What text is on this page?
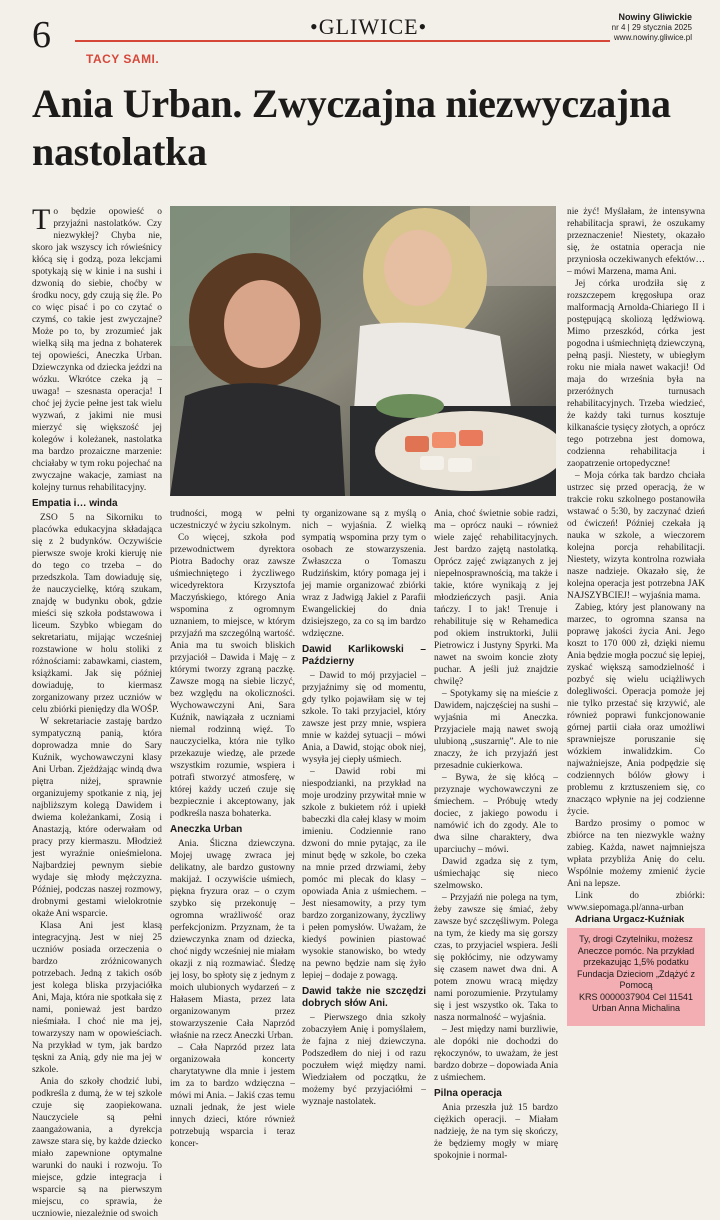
6	•GLIWICE•	Nowiny Gliwickie
nr 4 | 29 stycznia 2025
www.nowiny.gliwice.pl
TACY SAMI.
Ania Urban. Zwyczajna niezwyczajna nastolatka

To będzie opowieść o przyjaźni nastolatków. Czy niezwykłej? Chyba nie, skoro jak wszyscy ich rówieśnicy kłócą się i godzą, poza lekcjami spotykają się w kinie i na sushi i dzwonią do siebie, choćby w środku nocy, gdy czują się źle. Po co więc pisać i po co czytać o czymś, co takie jest zwyczajne? Może po to, by zrozumieć jak wielką siłą ma jedna z bohaterek tej opowieści, Aneczka Urban. Dziewczynka od dziecka jeździ na wózku. Wkrótce czeka ją – uwaga! – szesnasta operacja! I choć jej życie pełne jest tak wielu wyzwań, z jakimi nie musi mierzyć się większość jej kolegów i koleżanek, nastolatka ma bardzo prozaiczne marzenie: chciałaby w tym roku pojechać na zwyczajne wakacje, zamiast na kolejny turnus rehabilitacyjny.

Empatia i… winda

ZSO 5 na Sikorniku to placówka edukacyjna składająca się z 2 budynków. Oczywiście pierwsze swoje kroki kieruję nie do tego co trzeba – do przedszkola. Tam dowiaduję się, że nauczycielkę, którą szukam, znajdę w budynku obok, gdzie mieści się szkoła podstawowa i liceum. Szybko wbiegam do sekretariatu, mijając wcześniej rozstawione w holu stoliki z różnościami: zabawkami, ciastem, książkami. Jak się później dowiaduję, to kiermasz zorganizowany przez uczniów w celu zbiórki pieniędzy dla WOŚP.

W sekretariacie zastaję bardzo sympatyczną panią, która doprowadza mnie do Sary Kuźnik, wychowawczyni klasy Ani Urban. Zjeżdżając windą dwa piętra niżej, sprawnie organizujemy spotkanie z nią, jej najbliższym kolegą Dawidem i dwiema koleżankami, Zosią i Anastazją, które oderwałam od pracy przy kiermaszu. Młodzież jest wyraźnie onieśmielona. Najbardziej pewnym siebie wydaje się młody mężczyzna. Później, podczas naszej rozmowy, drobnymi gestami wielokrotnie okaże Ani wsparcie.

Klasa Ani jest klasą integracyjną. Jest w niej 25 uczniów posiada orzeczenia o bardzo zróżnicowanych potrzebach. Jedną z takich osób jest kolega bliska przyjaciółka Ani, Maja, która nie spotkała się z nami, ponieważ jest bardzo nieśmiała. I choć nie ma jej, towarzyszy nam w opowieściach. Na przykład w tym, jak bardzo tęskni za Anią, gdy nie ma jej w szkole.

Ania do szkoły chodzić lubi, podkreśla z dumą, że w tej szkole czuje się zaopiekowana. Nauczyciele są pełni zaangażowania, a dyrekcja zawsze stara się, by każde dziecko miało zapewnione optymalne warunki do nauki i rozwoju. To miejsce, gdzie integracja i wsparcie są na pierwszym miejscu, co sprawia, że uczniowie, niezależnie od swoich

trudności, mogą w pełni uczestniczyć w życiu szkolnym.

Co więcej, szkoła pod przewodnictwem dyrektora Piotra Badochy oraz zawsze uśmiechniętego i życzliwego wicedyrektora Krzysztofa Maczyńskiego, którego Ania wspomina z ogromnym uznaniem, to miejsce, w którym przyjaźń ma szczególną wartość. Ania ma tu swoich bliskich przyjaciół – Dawida i Maję – z którymi tworzy zgraną paczkę. Zawsze mogą na siebie liczyć, bez względu na okoliczności. Wychowawczyni Ani, Sara Kuźnik, nawiązała z uczniami niemal rodzinną więź. To nauczycielka, która nie tylko przekazuje wiedzę, ale przede wszystkim rozumie, wspiera i potrafi stworzyć atmosferę, w której każdy uczeń czuje się bezpiecznie i akceptowany, jak podkreśla nasza bohaterka.

Aneczka Urban

Ania. Śliczna dziewczyna. Mojej uwagę zwraca jej delikatny, ale bardzo gustowny makijaż. I oczywiście uśmiech, piękna fryzura oraz – o czym szybko się przekonuję – ogromna wrażliwość oraz perfekcjonizm. Przyznam, że ta dziewczynka znam od dziecka, choć nigdy wcześniej nie miałam okazji z nią rozmawiać. Śledzę jej losy, bo spłoty się z jednym z moich ulubionych wydarzeń – z Hałasem Miasta, przez lata organizowanym przez stowarzyszenie Cała Naprzód właśnie na rzecz Aneczki Urban.

– Cała Naprzód przez lata organizowała koncerty charytatywne dla mnie i jestem im za to bardzo wdzięczna – mówi mi Ania. – Jakiś czas temu uznali jednak, że jest wiele innych dzieci, które również potrzebują wsparcia i teraz koncer-

ty organizowane są z myślą o nich – wyjaśnia. Z wielką sympatią wspomina przy tym o osobach ze stowarzyszenia. Zwłaszcza o Tomaszu Rudzińskim, który pomaga jej i jej mamie organizować zbiórki wraz z Jadwigą Jakiel z Parafii Ewangelickiej do dnia dzisiejszego, za co są im bardzo wdzięczne.

Dawid Karlikowski – Październy

– Dawid to mój przyjaciel – przyjaźnimy się od momentu, gdy tylko pojawiłam się w tej szkole. To taki przyjaciel, który zawsze jest przy mnie, wspiera mnie w każdej sytuacji – mówi Ania, a Dawid, stojąc obok niej, wysyła jej ciepły uśmiech.

– Dawid robi mi niespodzianki, na przykład na moje urodziny przywitał mnie w szkole z bukietem róż i upiekł babeczki dla całej klasy w moim imieniu. Codziennie rano dzwoni do mnie pytając, za ile minut będę w szkole, bo czeka na mnie przed drzwiami, żeby pomóc mi plecak do klasy – opowiada Ania z uśmiechem. – Jest niesamowity, a przy tym bardzo zorganizowany, życzliwy i pełen pomysłów. Uważam, że kiedyś powinien piastować wysokie stanowisko, bo wtedy na pewno będzie nam się żyło lepiej – dodaje z powagą.

Dawid także nie szczędzi dobrych słów Ani.

– Pierwszego dnia szkoły zobaczyłem Anię i pomyślałem, że fajna z niej dziewczyna. Podszedłem do niej i od razu poczułem więź między nami. Wiedziałem od początku, że możemy być przyjaciółmi – wyznaje nastolatek.

Ania, choć świetnie sobie radzi, ma – oprócz nauki – również wiele zajęć rehabilitacyjnych. Jest bardzo zajętą nastolatką. Oprócz zajęć związanych z jej niepełnosprawnością, ma także i takie, które wynikają z jej młodzieńczych pasji. Ania tańczy. I to jak! Trenuje i rehabilituje się w Rehamedica pod okiem instruktorki, Julii Pietrowicz i Justyny Spyrki. Ma nawet na swoim koncie złoty puchar. A jeśli już znajdzie chwilę?

– Spotykamy się na mieście z Dawidem, najczęściej na sushi – wyjaśnia mi Aneczka. Przyjaciele mają nawet swoją ulubioną „suszarnię”. Ale to nie znaczy, że ich przyjaźń jest przesadnie cukierkowa.

– Bywa, że się kłócą – przyznaje wychowawczyni ze śmiechem. – Próbuję wtedy dociec, z jakiego powodu i namówić ich do zgody. Ale to dwa silne charaktery, dwa uparciuchy – mówi.

Dawid zgadza się z tym, uśmiechając się nieco szelmowsko.

– Przyjaźń nie polega na tym, żeby zawsze się śmiać, żeby zawsze być szczęśliwym. Polega na tym, że kiedy ma się gorszy czas, to przyjaciel wspiera. Jeśli się pokłócimy, nie odzywamy się czasem nawet dwa dni. A potem znowu wracą między nami porozumienie. Przytulamy się i jest wszystko ok. Taka to nasza normalność – wyjaśnia.

– Jest między nami burzliwie, ale dopóki nie dochodzi do rękoczynów, to uważam, że jest bardzo dobrze – dopowiada Ania z uśmiechem.

Pilna operacja

Ania przeszła już 15 bardzo ciężkich operacji. – Miałam nadzieję, że na tym się skończy, że będziemy mogły w miarę spokojnie i normal-

nie żyć! Myślałam, że intensywna rehabilitacja sprawi, że oszukamy przeznaczenie! Niestety, okazało się, że ostatnia operacja nie przyniosła oczekiwanych efektów… – mówi Marzena, mama Ani.

Jej córka urodziła się z rozszczepem kręgosłupa oraz malformacją Arnolda-Chiariego II i postępującą skoliozą lędźwiową. Mimo przeszkód, córka jest pogodna i uśmiechniętą dziewczyną, pełną pasji. Niestety, w ubiegłym roku nie miała nawet wakacji! Od maja do września była na przeróżnych turnusach rehabilitacyjnych. Trzeba wiedzieć, że każdy taki turnus kosztuje kilkanaście tysięcy złotych, a oprócz tego potrzebna jest domowa, codzienna rehabilitacja i zaopatrzenie ortopedyczne!

– Moja córka tak bardzo chciała ustrzec się przed operacją, że w trakcie roku szkolnego postanowiła wstawać o 5:30, by zaczynać dzień od ćwiczeń! Później czekała ją nauka w szkole, a wieczorem kolejna porcja rehabilitacji. Niestety, wizyta kontrolna rozwiała nasze nadzieje. Okazało się, że kolejna operacja jest potrzebna JAK NAJSZYBCIEJ! – wyjaśnia mama.

Zabieg, który jest planowany na marzec, to ogromna szansa na poprawę jakości życia Ani. Jego koszt to 170 000 zł, dzięki niemu Ania będzie mogła poczuć się lepiej, zyskać większą samodzielność i pozbyć się wielu uciążliwych dolegliwości. Operacja pomoże jej nie tylko przestać się krzywić, ale również poprawi funkcjonowanie górnej partii ciała oraz umożliwi sprawniejsze poruszanie się wózkiem inwalidzkim. Co najważniejsze, Ania podpędzie się codziennych bólów głowy i problemu z krztuszeniem się, co znacząco wpłynie na jej codzienne życie.

Bardzo prosimy o pomoc w zbiórce na ten niezwykle ważny zabieg. Każda, nawet najmniejsza wpłata przybliża Anię do celu. Wspólnie możemy zmienić życie Ani na lepsze.

Link do zbiórki: www.siepomaga.pl/anna-urban

Adriana Urgacz-Kuźniak

Ty, drogi Czytelniku, możesz Aneczce pomóc. Na przykład przekazując 1,5% podatku
Fundacja Dzieciom „Zdążyć z Pomocą
KRS 0000037904 Cel 11541 Urban Anna Michalina
